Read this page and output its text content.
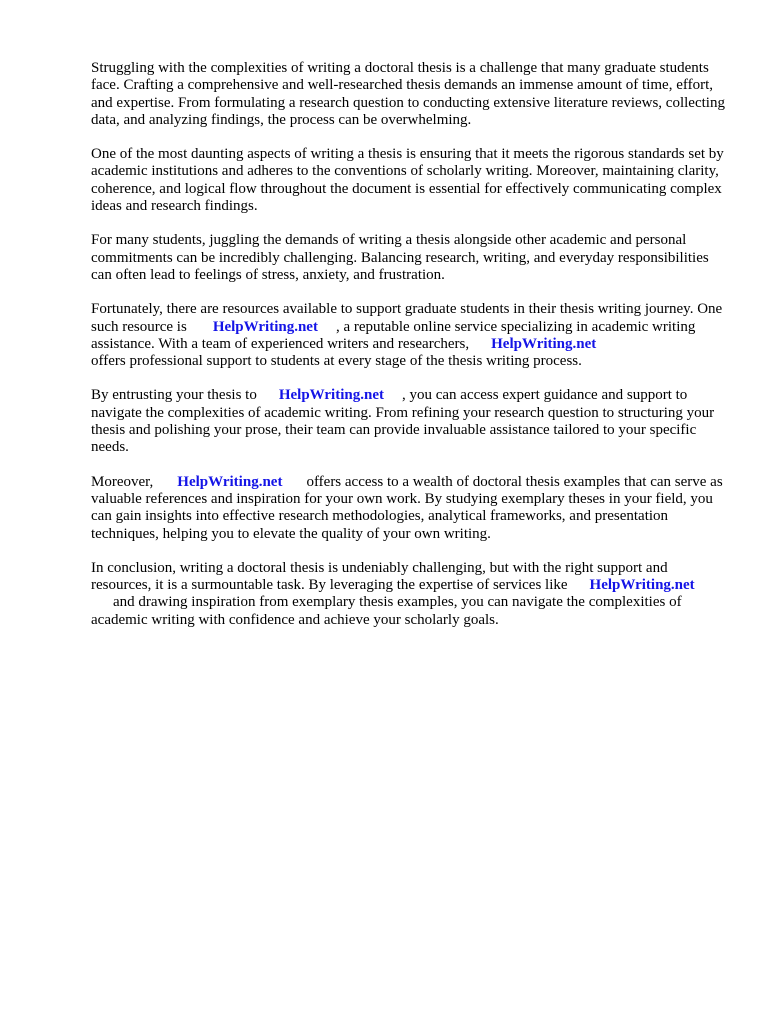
Struggling with the complexities of writing a doctoral thesis is a challenge that many graduate students face. Crafting a comprehensive and well-researched thesis demands an immense amount of time, effort, and expertise. From formulating a research question to conducting extensive literature reviews, collecting data, and analyzing findings, the process can be overwhelming.

One of the most daunting aspects of writing a thesis is ensuring that it meets the rigorous standards set by academic institutions and adheres to the conventions of scholarly writing. Moreover, maintaining clarity, coherence, and logical flow throughout the document is essential for effectively communicating complex ideas and research findings.

For many students, juggling the demands of writing a thesis alongside other academic and personal commitments can be incredibly challenging. Balancing research, writing, and everyday responsibilities can often lead to feelings of stress, anxiety, and frustration.

Fortunately, there are resources available to support graduate students in their thesis writing journey. One such resource is HelpWriting.net , a reputable online service specializing in academic writing assistance. With a team of experienced writers and researchers, HelpWriting.net
offers professional support to students at every stage of the thesis writing process.

By entrusting your thesis to HelpWriting.net , you can access expert guidance and support to navigate the complexities of academic writing. From refining your research question to structuring your thesis and polishing your prose, their team can provide invaluable assistance tailored to your specific needs.

Moreover, HelpWriting.net offers access to a wealth of doctoral thesis examples that can serve as valuable references and inspiration for your own work. By studying exemplary theses in your field, you can gain insights into effective research methodologies, analytical frameworks, and presentation techniques, helping you to elevate the quality of your own writing.

In conclusion, writing a doctoral thesis is undeniably challenging, but with the right support and resources, it is a surmountable task. By leveraging the expertise of services like HelpWriting.net
and drawing inspiration from exemplary thesis examples, you can navigate the complexities of academic writing with confidence and achieve your scholarly goals.
